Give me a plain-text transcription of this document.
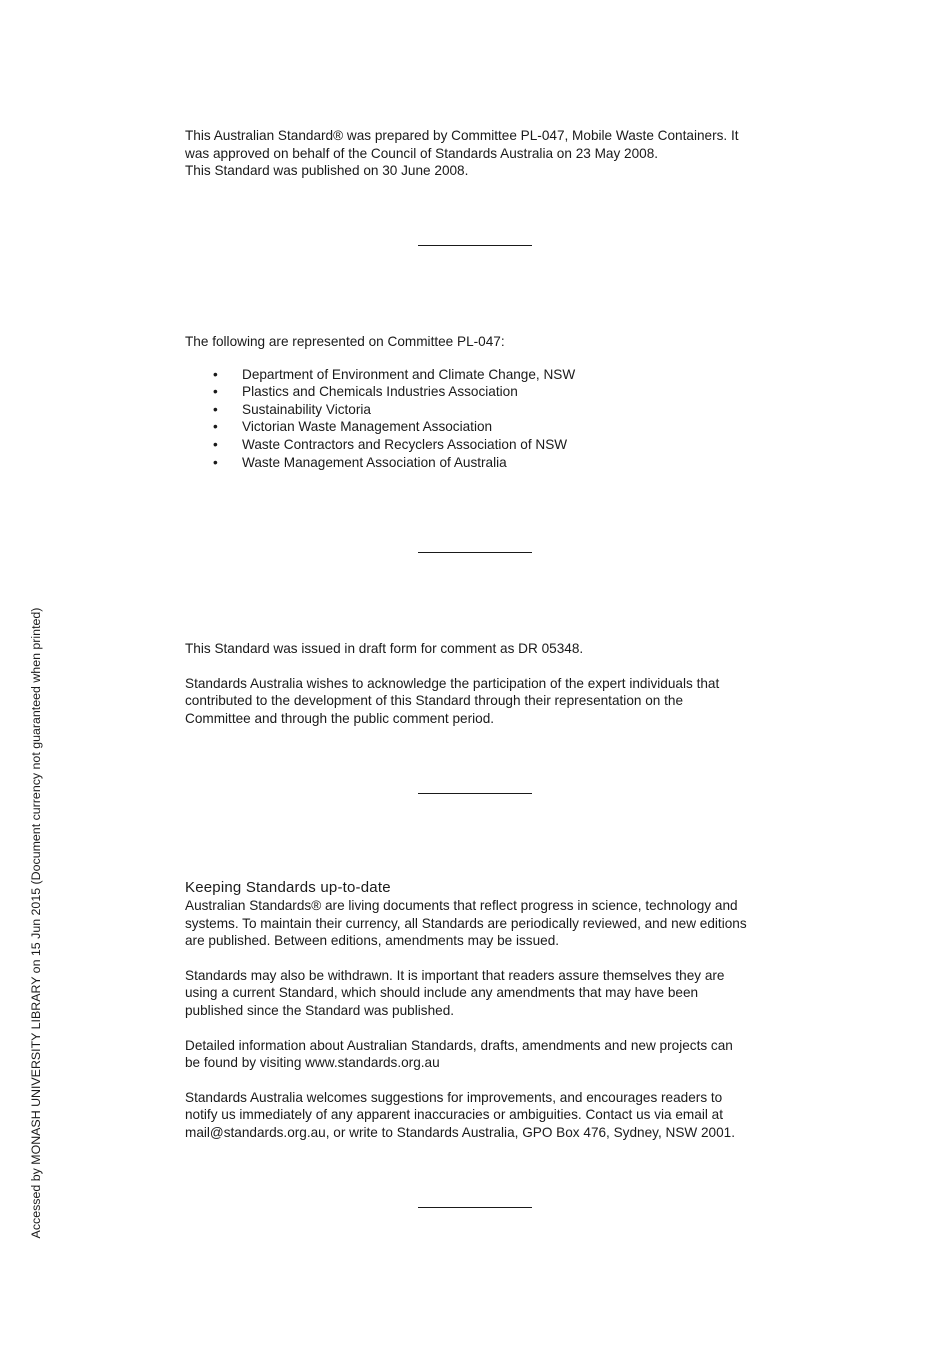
This Australian Standard® was prepared by Committee PL-047, Mobile Waste Containers. It

was approved on behalf of the Council of Standards Australia on 23 May 2008.

This Standard was published on 30 June 2008.

The following are represented on Committee PL-047:

• Department of Environment and Climate Change, NSW
• Plastics and Chemicals Industries Association
• Sustainability Victoria
• Victorian Waste Management Association
• Waste Contractors and Recyclers Association of NSW
• Waste Management Association of Australia

This Standard was issued in draft form for comment as DR 05348.

Standards Australia wishes to acknowledge the participation of the expert individuals that

contributed to the development of this Standard through their representation on the

Committee and through the public comment period.

Keeping Standards up-to-date

Australian Standards® are living documents that reflect progress in science, technology and

systems. To maintain their currency, all Standards are periodically reviewed, and new editions

are published. Between editions, amendments may be issued.

Standards may also be withdrawn. It is important that readers assure themselves they are

using a current Standard, which should include any amendments that may have been

published since the Standard was published.

Detailed information about Australian Standards, drafts, amendments and new projects can

be found by visiting www.standards.org.au

Standards Australia welcomes suggestions for improvements, and encourages readers to

notify us immediately of any apparent inaccuracies or ambiguities. Contact us via email at

mail@standards.org.au, or write to Standards Australia, GPO Box 476, Sydney, NSW 2001.

Accessed by MONASH UNIVERSITY LIBRARY on 15 Jun 2015 (Document currency not guaranteed when printed)
